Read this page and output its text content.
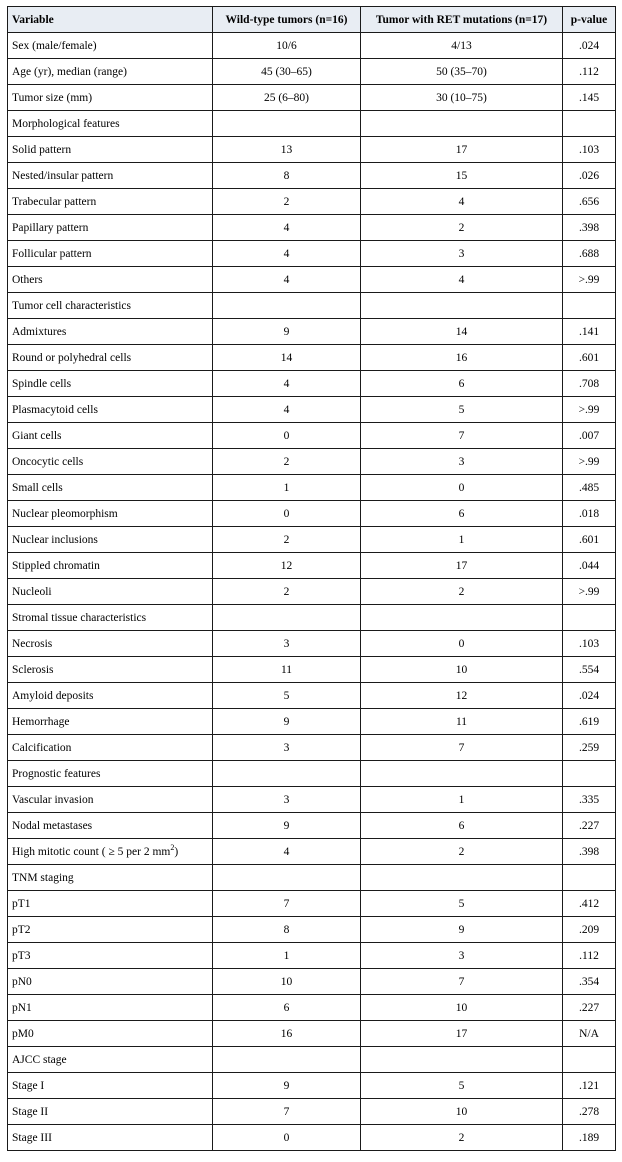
Variable	Wild-type tumors (n=16)	Tumor with RET mutations (n=17)	p-value
Sex (male/female)	10/6	4/13	.024
Age (yr), median (range)	45 (30–65)	50 (35–70)	.112
Tumor size (mm)	25 (6–80)	30 (10–75)	.145
Morphological features			
Solid pattern	13	17	.103
Nested/insular pattern	8	15	.026
Trabecular pattern	2	4	.656
Papillary pattern	4	2	.398
Follicular pattern	4	3	.688
Others	4	4	>.99
Tumor cell characteristics			
Admixtures	9	14	.141
Round or polyhedral cells	14	16	.601
Spindle cells	4	6	.708
Plasmacytoid cells	4	5	>.99
Giant cells	0	7	.007
Oncocytic cells	2	3	>.99
Small cells	1	0	.485
Nuclear pleomorphism	0	6	.018
Nuclear inclusions	2	1	.601
Stippled chromatin	12	17	.044
Nucleoli	2	2	>.99
Stromal tissue characteristics			
Necrosis	3	0	.103
Sclerosis	11	10	.554
Amyloid deposits	5	12	.024
Hemorrhage	9	11	.619
Calcification	3	7	.259
Prognostic features			
Vascular invasion	3	1	.335
Nodal metastases	9	6	.227
High mitotic count ( ≥ 5 per 2 $mm^2$)	4	2	.398
TNM staging			
pT1	7	5	.412
pT2	8	9	.209
pT3	1	3	.112
pN0	10	7	.354
pN1	6	10	.227
pM0	16	17	N/A
AJCC stage			
Stage I	9	5	.121
Stage II	7	10	.278
Stage III	0	2	.189
